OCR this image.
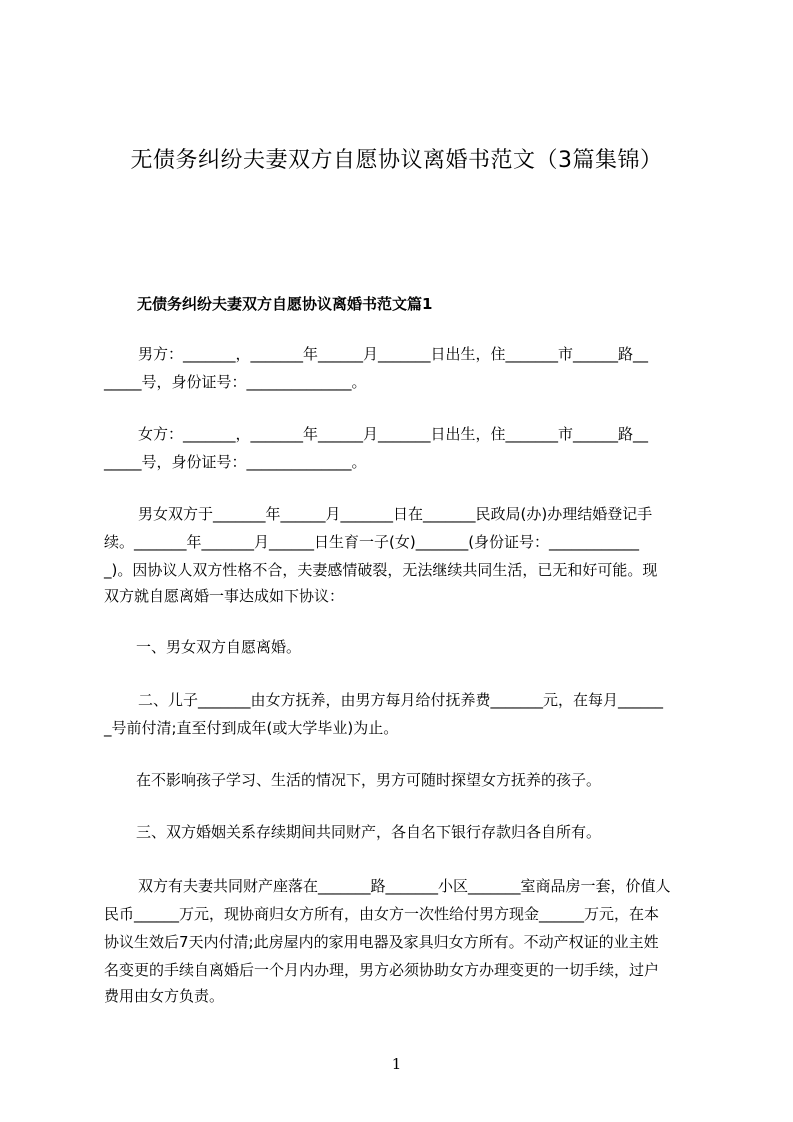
无债务纠纷夫妻双方自愿协议离婚书范文（3篇集锦）
无债务纠纷夫妻双方自愿协议离婚书范文篇1
男方：_______，_______年______月_______日出生，住_______市______路__
_____号，身份证号：______________。
女方：_______，_______年______月_______日出生，住_______市______路__
_____号，身份证号：______________。
男女双方于_______年______月_______日在_______民政局(办)办理结婚登记手
续。_______年_______月______日生育一子(女)_______(身份证号：____________
_)。因协议人双方性格不合，夫妻感情破裂，无法继续共同生活，已无和好可能。现
双方就自愿离婚一事达成如下协议：
一、男女双方自愿离婚。
二、儿子_______由女方抚养，由男方每月给付抚养费_______元，在每月______
_号前付清;直至付到成年(或大学毕业)为止。
在不影响孩子学习、生活的情况下，男方可随时探望女方抚养的孩子。
三、双方婚姻关系存续期间共同财产，各自名下银行存款归各自所有。
双方有夫妻共同财产座落在_______路_______小区_______室商品房一套，价值人
民币______万元，现协商归女方所有，由女方一次性给付男方现金______万元，在本
协议生效后7天内付清;此房屋内的家用电器及家具归女方所有。不动产权证的业主姓
名变更的手续自离婚后一个月内办理，男方必须协助女方办理变更的一切手续，过户
费用由女方负责。
1
